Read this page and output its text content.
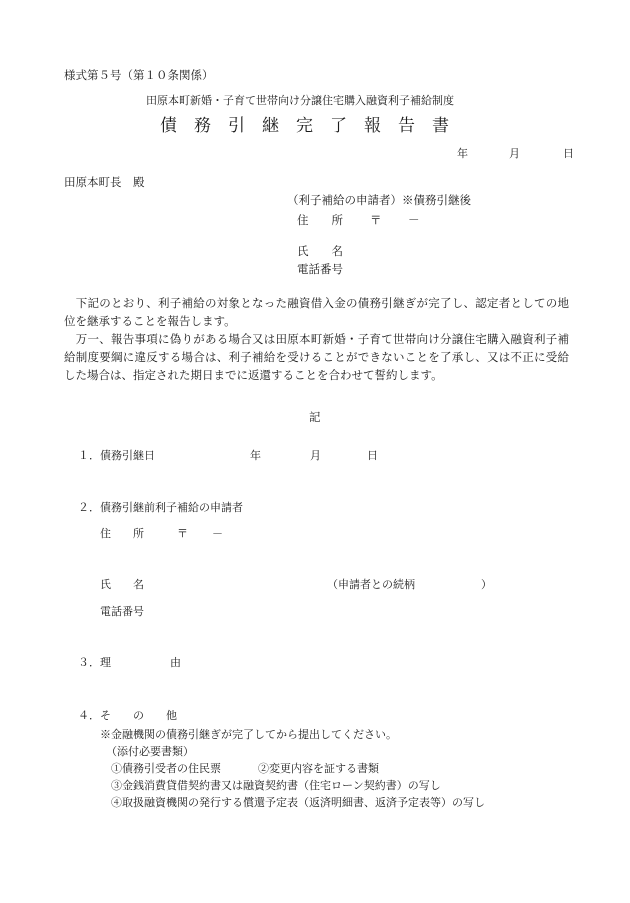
様式第５号（第１０条関係）
田原本町新婚・子育て世帯向け分譲住宅購入融資利子補給制度
債 務 引 継 完 了 報 告 書
年	月	日
田原本町長　殿
（利子補給の申請者）※債務引継後
住　　所 〒 －
氏　　名
電話番号
　下記のとおり、利子補給の対象となった融資借入金の債務引継ぎが完了し、認定者としての地位を継承することを報告します。
　万一、報告事項に偽りがある場合又は田原本町新婚・子育て世帯向け分譲住宅購入融資利子補給制度要綱に違反する場合は、利子補給を受けることができないことを了承し、又は不正に受給した場合は、指定された期日までに返還することを合わせて誓約します。
記
１．債務引継日	年	月	日
２．債務引継前利子補給の申請者
住　　所	〒 －
氏　　名	（申請者との続柄　　　　　　）
電話番号
３．理	由
４．そ　　の　　他
※金融機関の債務引継ぎが完了してから提出してください。
（添付必要書類）
①債務引受者の住民票	②変更内容を証する書類
③金銭消費貸借契約書又は融資契約書（住宅ローン契約書）の写し
④取扱融資機関の発行する償還予定表（返済明細書、返済予定表等）の写し
